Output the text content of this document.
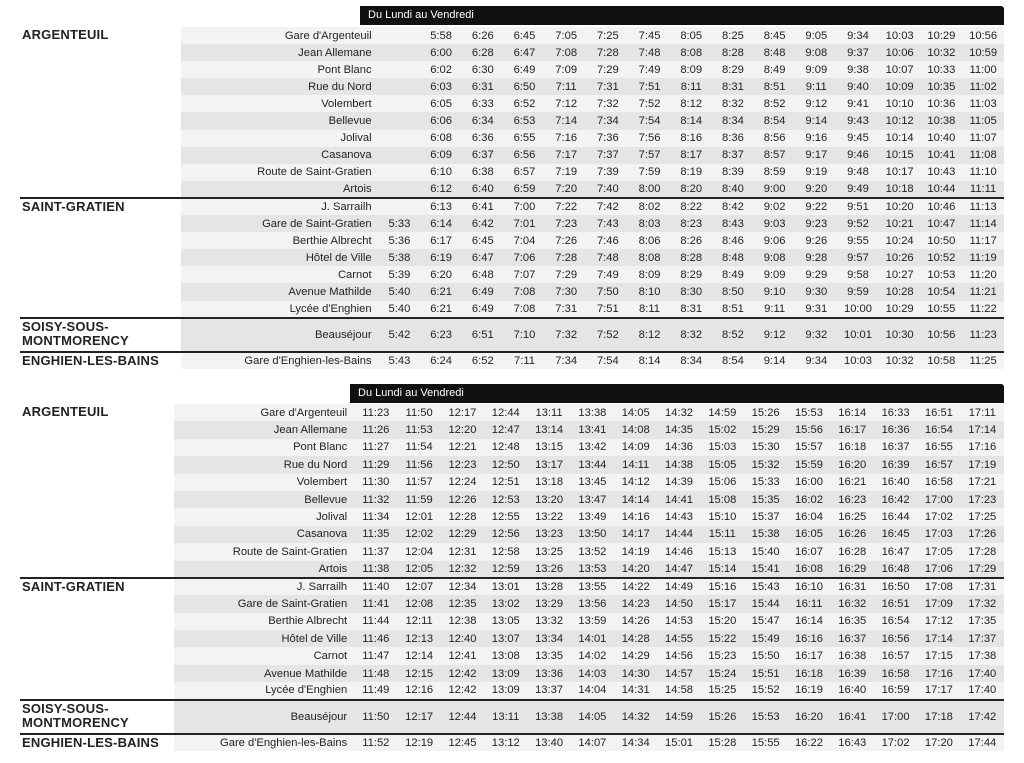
Du Lundi au Vendredi
ARGENTEUIL	Gare d'Argenteuil		5:58	6:26	6:45	7:05	7:25	7:45	8:05	8:25	8:45	9:05	9:34	10:03	10:29	10:56
	Jean Allemane		6:00	6:28	6:47	7:08	7:28	7:48	8:08	8:28	8:48	9:08	9:37	10:06	10:32	10:59
	Pont Blanc		6:02	6:30	6:49	7:09	7:29	7:49	8:09	8:29	8:49	9:09	9:38	10:07	10:33	11:00
	Rue du Nord		6:03	6:31	6:50	7:11	7:31	7:51	8:11	8:31	8:51	9:11	9:40	10:09	10:35	11:02
	Volembert		6:05	6:33	6:52	7:12	7:32	7:52	8:12	8:32	8:52	9:12	9:41	10:10	10:36	11:03
	Bellevue		6:06	6:34	6:53	7:14	7:34	7:54	8:14	8:34	8:54	9:14	9:43	10:12	10:38	11:05
	Jolival		6:08	6:36	6:55	7:16	7:36	7:56	8:16	8:36	8:56	9:16	9:45	10:14	10:40	11:07
	Casanova		6:09	6:37	6:56	7:17	7:37	7:57	8:17	8:37	8:57	9:17	9:46	10:15	10:41	11:08
	Route de Saint-Gratien		6:10	6:38	6:57	7:19	7:39	7:59	8:19	8:39	8:59	9:19	9:48	10:17	10:43	11:10
	Artois		6:12	6:40	6:59	7:20	7:40	8:00	8:20	8:40	9:00	9:20	9:49	10:18	10:44	11:11
SAINT-GRATIEN	J. Sarrailh		6:13	6:41	7:00	7:22	7:42	8:02	8:22	8:42	9:02	9:22	9:51	10:20	10:46	11:13
	Gare de Saint-Gratien	5:33	6:14	6:42	7:01	7:23	7:43	8:03	8:23	8:43	9:03	9:23	9:52	10:21	10:47	11:14
	Berthie Albrecht	5:36	6:17	6:45	7:04	7:26	7:46	8:06	8:26	8:46	9:06	9:26	9:55	10:24	10:50	11:17
	Hôtel de Ville	5:38	6:19	6:47	7:06	7:28	7:48	8:08	8:28	8:48	9:08	9:28	9:57	10:26	10:52	11:19
	Carnot	5:39	6:20	6:48	7:07	7:29	7:49	8:09	8:29	8:49	9:09	9:29	9:58	10:27	10:53	11:20
	Avenue Mathilde	5:40	6:21	6:49	7:08	7:30	7:50	8:10	8:30	8:50	9:10	9:30	9:59	10:28	10:54	11:21
	Lycée d'Enghien	5:40	6:21	6:49	7:08	7:31	7:51	8:11	8:31	8:51	9:11	9:31	10:00	10:29	10:55	11:22
SOISY-SOUS-MONTMORENCY	Beauséjour	5:42	6:23	6:51	7:10	7:32	7:52	8:12	8:32	8:52	9:12	9:32	10:01	10:30	10:56	11:23
ENGHIEN-LES-BAINS	Gare d'Enghien-les-Bains	5:43	6:24	6:52	7:11	7:34	7:54	8:14	8:34	8:54	9:14	9:34	10:03	10:32	10:58	11:25
Du Lundi au Vendredi
ARGENTEUIL	Gare d'Argenteuil	11:23	11:50	12:17	12:44	13:11	13:38	14:05	14:32	14:59	15:26	15:53	16:14	16:33	16:51	17:11
	Jean Allemane	11:26	11:53	12:20	12:47	13:14	13:41	14:08	14:35	15:02	15:29	15:56	16:17	16:36	16:54	17:14
	Pont Blanc	11:27	11:54	12:21	12:48	13:15	13:42	14:09	14:36	15:03	15:30	15:57	16:18	16:37	16:55	17:16
	Rue du Nord	11:29	11:56	12:23	12:50	13:17	13:44	14:11	14:38	15:05	15:32	15:59	16:20	16:39	16:57	17:19
	Volembert	11:30	11:57	12:24	12:51	13:18	13:45	14:12	14:39	15:06	15:33	16:00	16:21	16:40	16:58	17:21
	Bellevue	11:32	11:59	12:26	12:53	13:20	13:47	14:14	14:41	15:08	15:35	16:02	16:23	16:42	17:00	17:23
	Jolival	11:34	12:01	12:28	12:55	13:22	13:49	14:16	14:43	15:10	15:37	16:04	16:25	16:44	17:02	17:25
	Casanova	11:35	12:02	12:29	12:56	13:23	13:50	14:17	14:44	15:11	15:38	16:05	16:26	16:45	17:03	17:26
	Route de Saint-Gratien	11:37	12:04	12:31	12:58	13:25	13:52	14:19	14:46	15:13	15:40	16:07	16:28	16:47	17:05	17:28
	Artois	11:38	12:05	12:32	12:59	13:26	13:53	14:20	14:47	15:14	15:41	16:08	16:29	16:48	17:06	17:29
SAINT-GRATIEN	J. Sarrailh	11:40	12:07	12:34	13:01	13:28	13:55	14:22	14:49	15:16	15:43	16:10	16:31	16:50	17:08	17:31
	Gare de Saint-Gratien	11:41	12:08	12:35	13:02	13:29	13:56	14:23	14:50	15:17	15:44	16:11	16:32	16:51	17:09	17:32
	Berthie Albrecht	11:44	12:11	12:38	13:05	13:32	13:59	14:26	14:53	15:20	15:47	16:14	16:35	16:54	17:12	17:35
	Hôtel de Ville	11:46	12:13	12:40	13:07	13:34	14:01	14:28	14:55	15:22	15:49	16:16	16:37	16:56	17:14	17:37
	Carnot	11:47	12:14	12:41	13:08	13:35	14:02	14:29	14:56	15:23	15:50	16:17	16:38	16:57	17:15	17:38
	Avenue Mathilde	11:48	12:15	12:42	13:09	13:36	14:03	14:30	14:57	15:24	15:51	16:18	16:39	16:58	17:16	17:40
	Lycée d'Enghien	11:49	12:16	12:42	13:09	13:37	14:04	14:31	14:58	15:25	15:52	16:19	16:40	16:59	17:17	17:40
SOISY-SOUS-MONTMORENCY	Beauséjour	11:50	12:17	12:44	13:11	13:38	14:05	14:32	14:59	15:26	15:53	16:20	16:41	17:00	17:18	17:42
ENGHIEN-LES-BAINS	Gare d'Enghien-les-Bains	11:52	12:19	12:45	13:12	13:40	14:07	14:34	15:01	15:28	15:55	16:22	16:43	17:02	17:20	17:44
